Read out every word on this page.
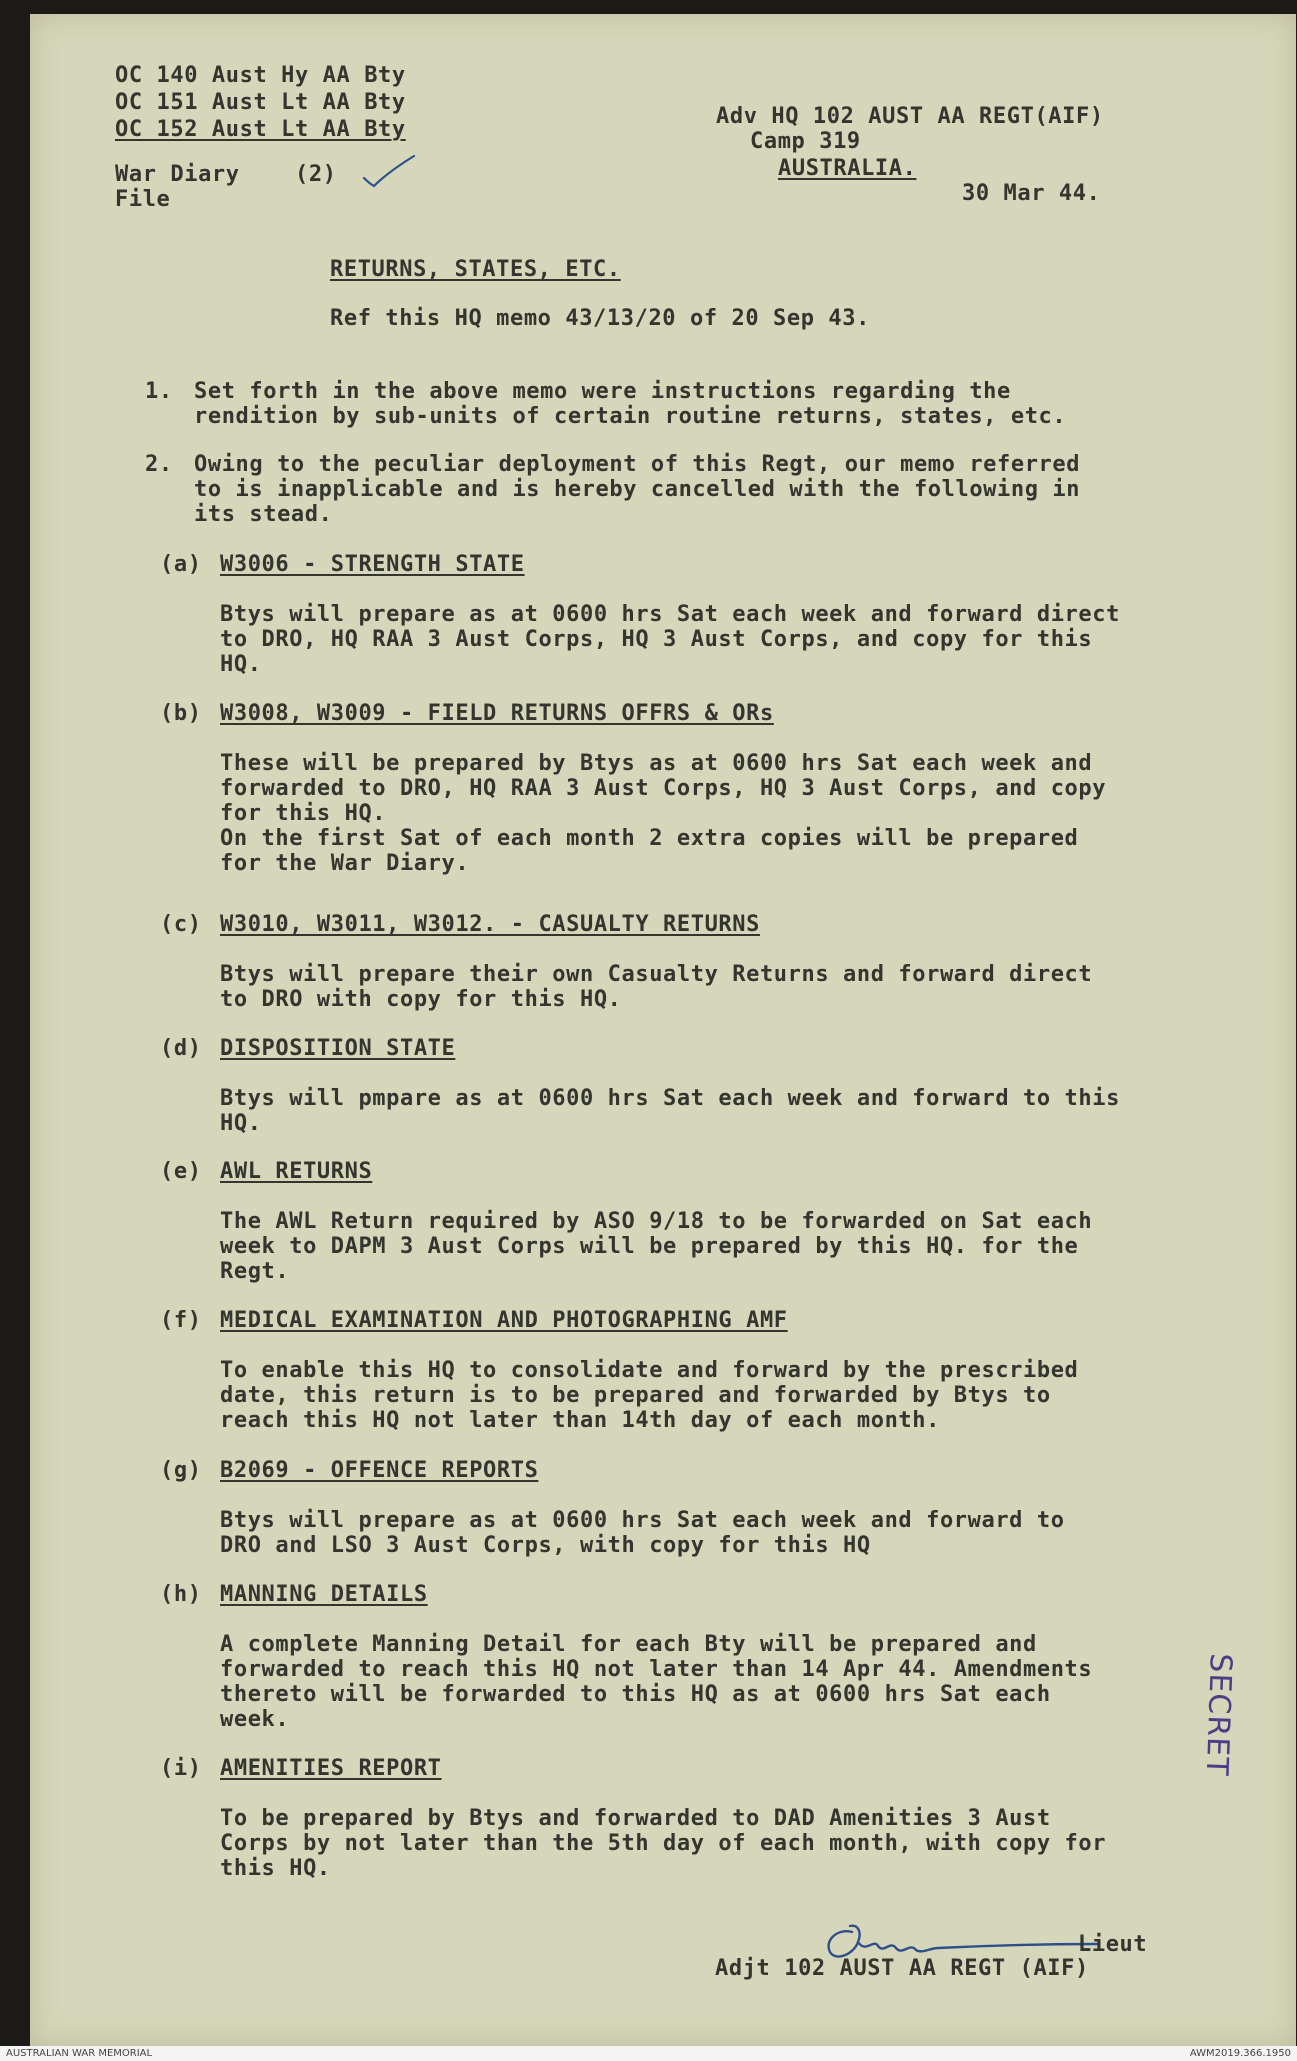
OC 140 Aust Hy AA Bty
OC 151 Aust Lt AA Bty
OC 152 Aust Lt AA Bty
War Diary	(2)
File
Adv HQ 102 AUST AA REGT(AIF)
Camp 319
AUSTRALIA.
30 Mar 44.
RETURNS, STATES, ETC.
Ref this HQ memo 43/13/20 of 20 Sep 43.
1. Set forth in the above memo were instructions regarding the
rendition by sub-units of certain routine returns, states, etc.
2. Owing to the peculiar deployment of this Regt, our memo referred
to is inapplicable and is hereby cancelled with the following in
its stead.
(a) W3006 - STRENGTH STATE
Btys will prepare as at 0600 hrs Sat each week and forward direct
to DRO, HQ RAA 3 Aust Corps, HQ 3 Aust Corps, and copy for this
HQ.
(b) W3008, W3009 - FIELD RETURNS OFFRS & ORs
These will be prepared by Btys as at 0600 hrs Sat each week and
forwarded to DRO, HQ RAA 3 Aust Corps, HQ 3 Aust Corps, and copy
for this HQ.
On the first Sat of each month 2 extra copies will be prepared
for the War Diary.
(c) W3010, W3011, W3012. - CASUALTY RETURNS
Btys will prepare their own Casualty Returns and forward direct
to DRO with copy for this HQ.
(d) DISPOSITION STATE
Btys will pmpare as at 0600 hrs Sat each week and forward to this
HQ.
(e) AWL RETURNS
The AWL Return required by ASO 9/18 to be forwarded on Sat each
week to DAPM 3 Aust Corps will be prepared by this HQ. for the
Regt.
(f) MEDICAL EXAMINATION AND PHOTOGRAPHING AMF
To enable this HQ to consolidate and forward by the prescribed
date, this return is to be prepared and forwarded by Btys to
reach this HQ not later than 14th day of each month.
(g) B2069 - OFFENCE REPORTS
Btys will prepare as at 0600 hrs Sat each week and forward to
DRO and LSO 3 Aust Corps, with copy for this HQ
(h) MANNING DETAILS
A complete Manning Detail for each Bty will be prepared and
forwarded to reach this HQ not later than 14 Apr 44. Amendments
thereto will be forwarded to this HQ as at 0600 hrs Sat each
week.
(i) AMENITIES REPORT
To be prepared by Btys and forwarded to DAD Amenities 3 Aust
Corps by not later than the 5th day of each month, with copy for
this HQ.
Lieut
Adjt 102 AUST AA REGT (AIF)
SECRET
AUSTRALIAN WAR MEMORIAL	AWM2019.366.1950
